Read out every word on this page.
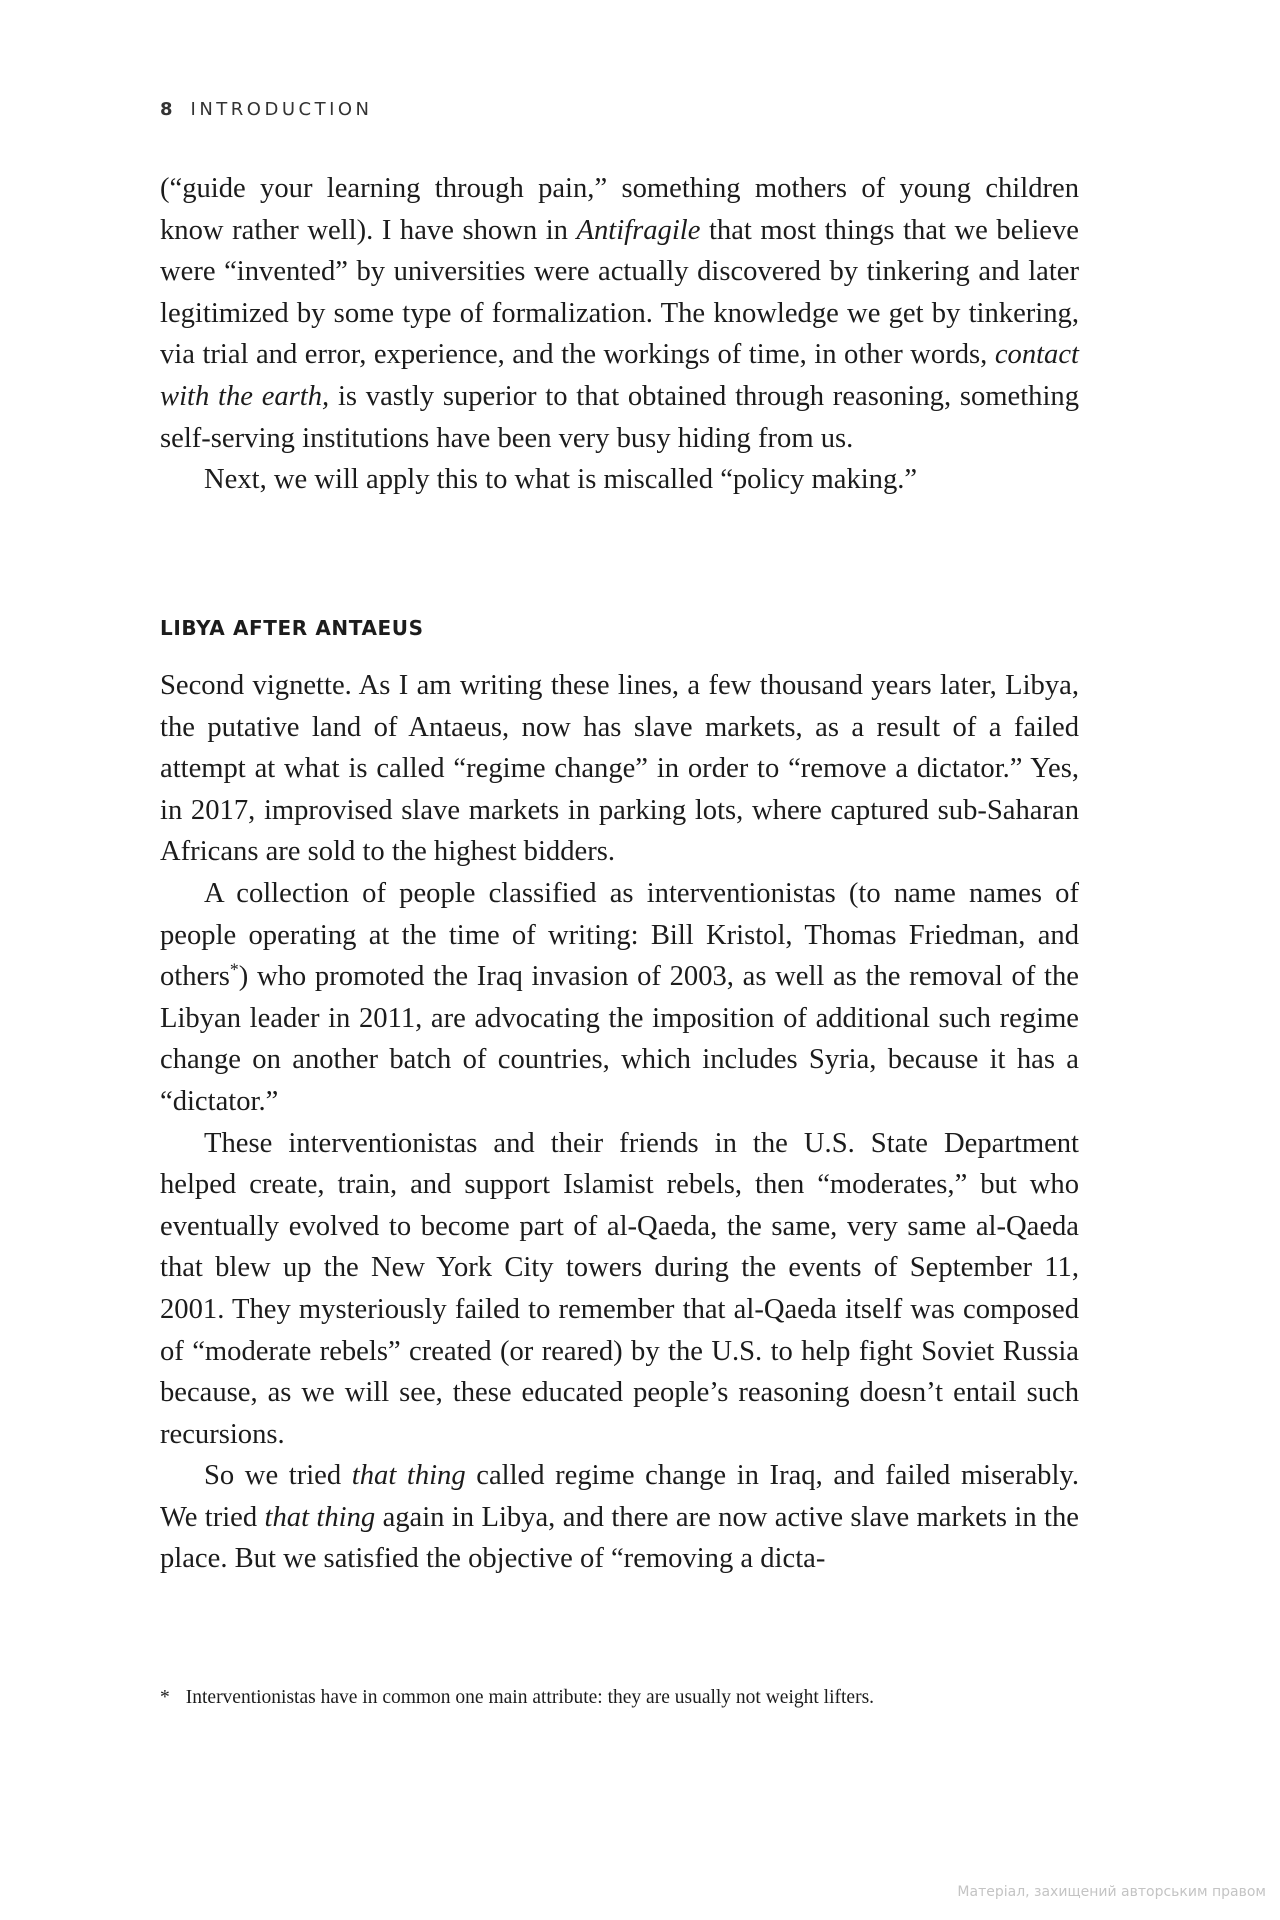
8 INTRODUCTION

(“guide your learning through pain,” something mothers of young children know rather well). I have shown in Antifragile that most things that we believe were “invented” by universities were actually discovered by tinkering and later legitimized by some type of formalization. The knowledge we get by tinkering, via trial and error, experience, and the workings of time, in other words, contact with the earth, is vastly superior to that obtained through reasoning, something self-serving institutions have been very busy hiding from us.

Next, we will apply this to what is miscalled “policy making.”

LIBYA AFTER ANTAEUS

Second vignette. As I am writing these lines, a few thousand years later, Libya, the putative land of Antaeus, now has slave markets, as a result of a failed attempt at what is called “regime change” in order to “remove a dictator.” Yes, in 2017, improvised slave markets in parking lots, where captured sub-Saharan Africans are sold to the highest bidders.

A collection of people classified as interventionistas (to name names of people operating at the time of writing: Bill Kristol, Thomas Friedman, and others*) who promoted the Iraq invasion of 2003, as well as the removal of the Libyan leader in 2011, are advocating the imposition of additional such regime change on another batch of countries, which includes Syria, because it has a “dictator.”

These interventionistas and their friends in the U.S. State Department helped create, train, and support Islamist rebels, then “moderates,” but who eventually evolved to become part of al-Qaeda, the same, very same al-Qaeda that blew up the New York City towers during the events of September 11, 2001. They mysteriously failed to remember that al-Qaeda itself was composed of “moderate rebels” created (or reared) by the U.S. to help fight Soviet Russia because, as we will see, these educated people’s reasoning doesn’t entail such recursions.

So we tried that thing called regime change in Iraq, and failed miserably. We tried that thing again in Libya, and there are now active slave markets in the place. But we satisfied the objective of “removing a dicta-

* Interventionistas have in common one main attribute: they are usually not weight lifters.
Матеріал, захищений авторським правом
